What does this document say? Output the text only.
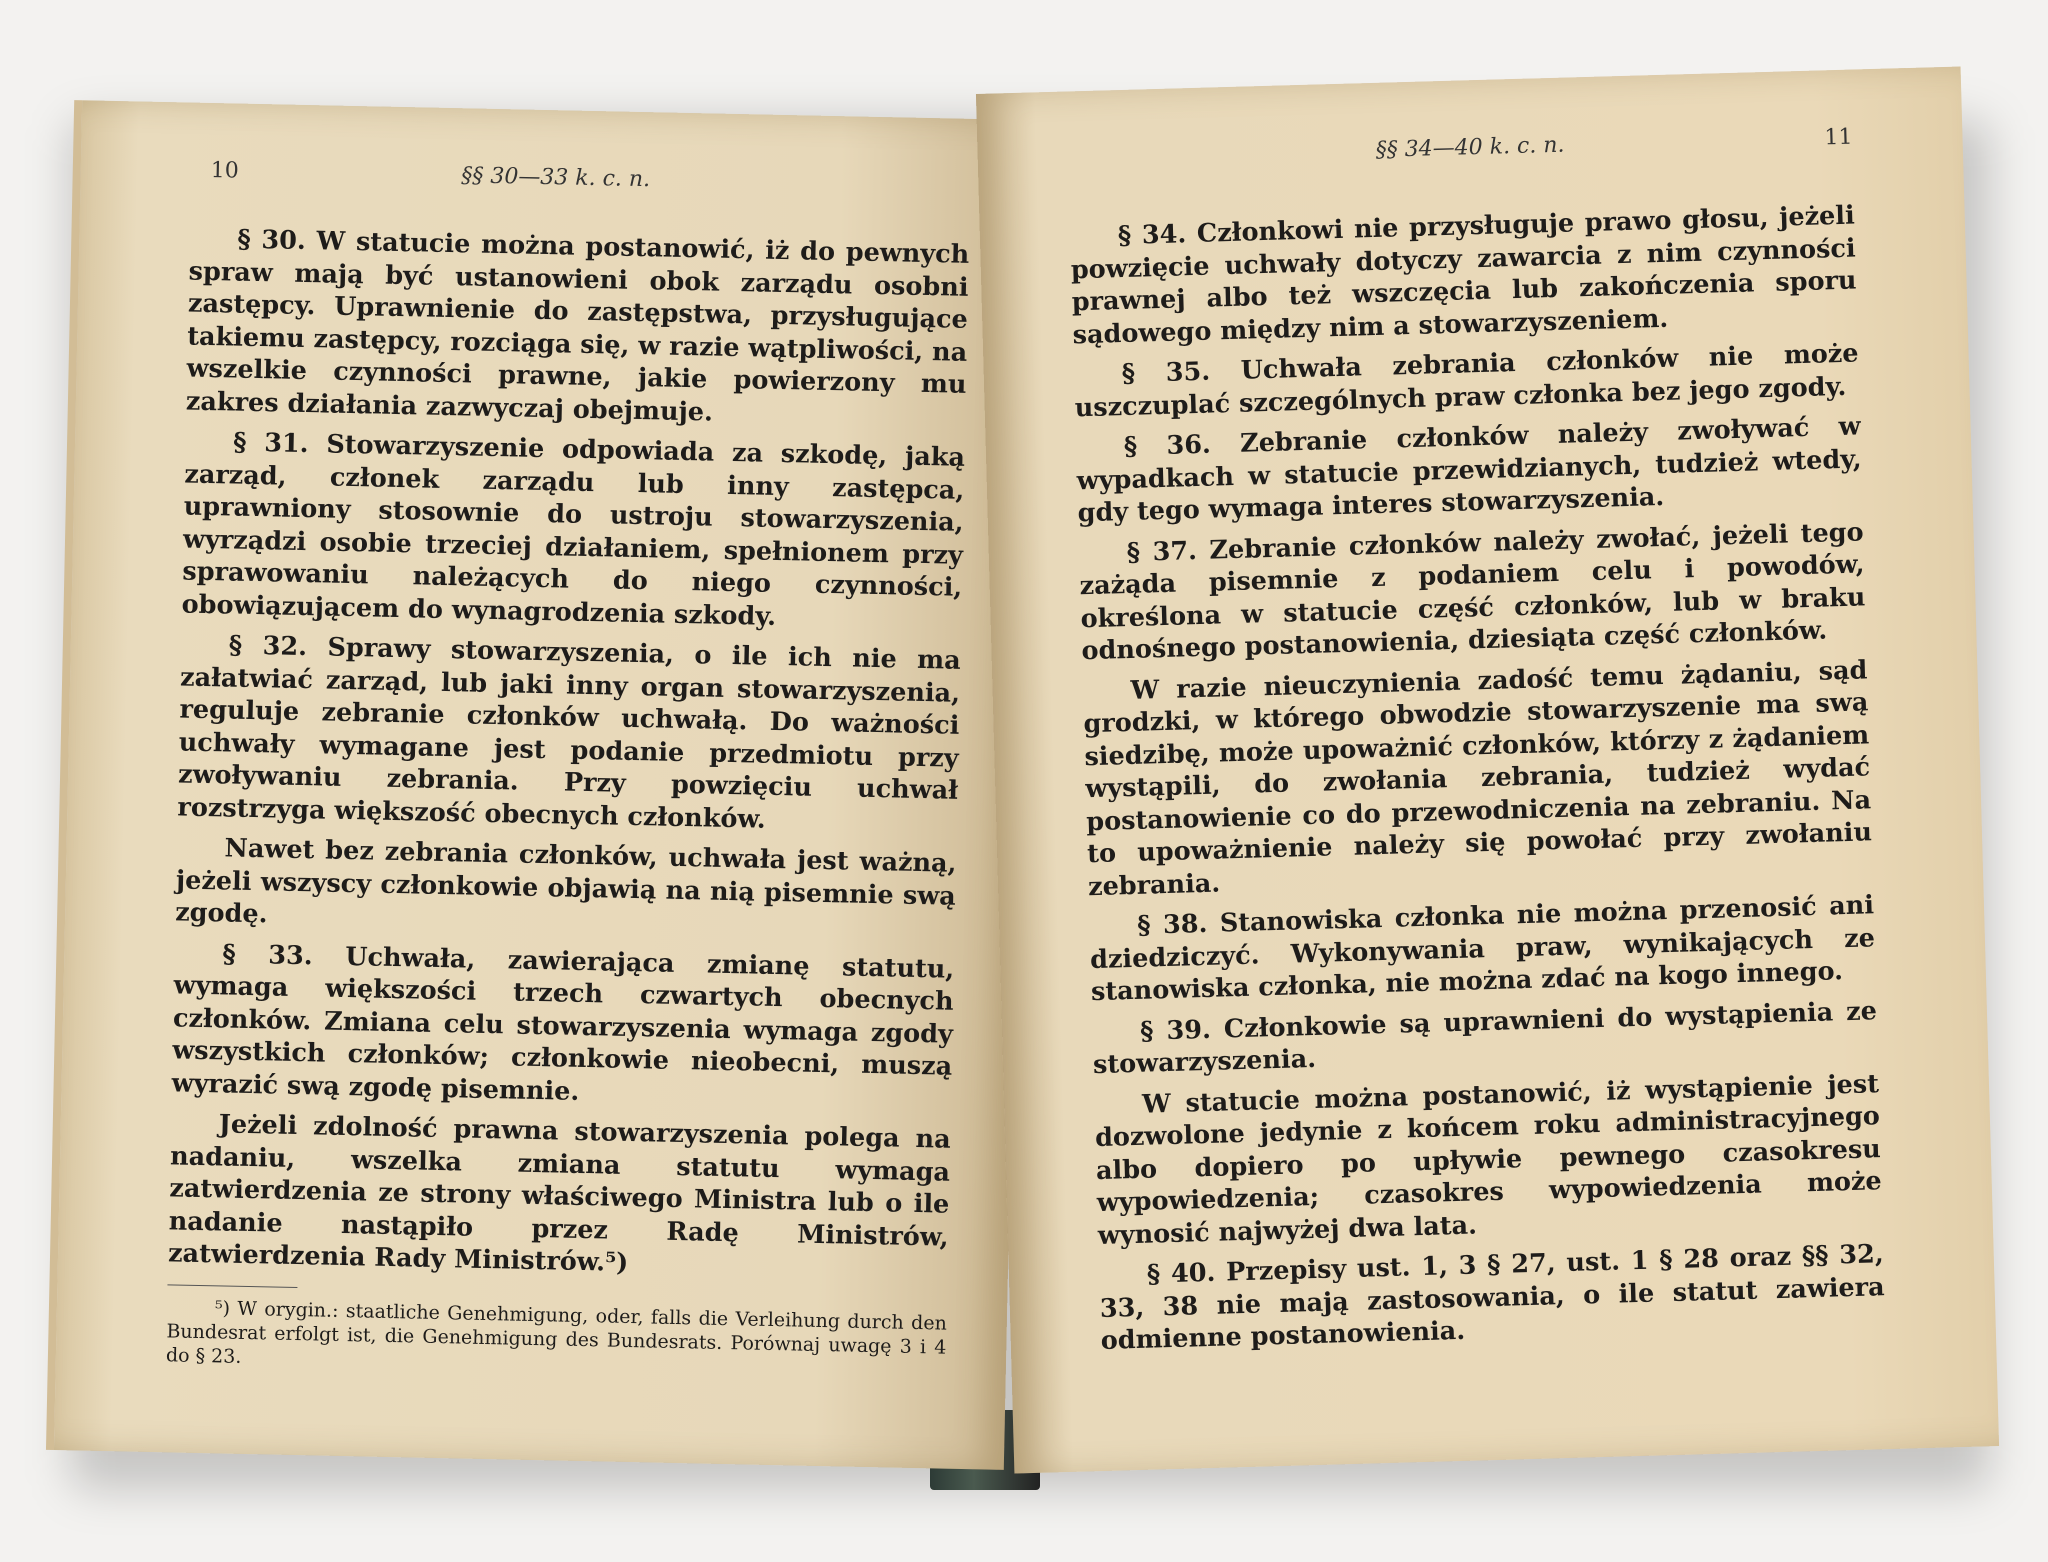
10	§§ 30—33 k. c. n.

§ 30. W statucie można postanowić, iż do pewnych spraw mają być ustanowieni obok zarządu osobni zastępcy. Uprawnienie do zastępstwa, przysługujące takiemu zastępcy, rozciąga się, w razie wątpliwości, na wszelkie czynności prawne, jakie powierzony mu zakres działania zazwyczaj obejmuje.

§ 31. Stowarzyszenie odpowiada za szkodę, jaką zarząd, członek zarządu lub inny zastępca, uprawniony stosownie do ustroju stowarzyszenia, wyrządzi osobie trzeciej działaniem, spełnionem przy sprawowaniu należących do niego czynności, obowiązującem do wynagrodzenia szkody.

§ 32. Sprawy stowarzyszenia, o ile ich nie ma załatwiać zarząd, lub jaki inny organ stowarzyszenia, reguluje zebranie członków uchwałą. Do ważności uchwały wymagane jest podanie przedmiotu przy zwoływaniu zebrania. Przy powzięciu uchwał rozstrzyga większość obecnych członków.

Nawet bez zebrania członków, uchwała jest ważną, jeżeli wszyscy członkowie objawią na nią pisemnie swą zgodę.

§ 33. Uchwała, zawierająca zmianę statutu, wymaga większości trzech czwartych obecnych członków. Zmiana celu stowarzyszenia wymaga zgody wszystkich członków; członkowie nieobecni, muszą wyrazić swą zgodę pisemnie.

Jeżeli zdolność prawna stowarzyszenia polega na nadaniu, wszelka zmiana statutu wymaga zatwierdzenia ze strony właściwego Ministra lub o ile nadanie nastąpiło przez Radę Ministrów, zatwierdzenia Rady Ministrów.⁵)

⁵) W orygin.: staatliche Genehmigung, oder, falls die Verleihung durch den Bundesrat erfolgt ist, die Genehmigung des Bundesrats. Porównaj uwagę 3 i 4 do § 23.

§§ 34—40 k. c. n.	11

§ 34. Członkowi nie przysługuje prawo głosu, jeżeli powzięcie uchwały dotyczy zawarcia z nim czynności prawnej albo też wszczęcia lub zakończenia sporu sądowego między nim a stowarzyszeniem.

§ 35. Uchwała zebrania członków nie może uszczuplać szczególnych praw członka bez jego zgody.

§ 36. Zebranie członków należy zwoływać w wypadkach w statucie przewidzianych, tudzież wtedy, gdy tego wymaga interes stowarzyszenia.

§ 37. Zebranie członków należy zwołać, jeżeli tego zażąda pisemnie z podaniem celu i powodów, określona w statucie część członków, lub w braku odnośnego postanowienia, dziesiąta część członków.

W razie nieuczynienia zadość temu żądaniu, sąd grodzki, w którego obwodzie stowarzyszenie ma swą siedzibę, może upoważnić członków, którzy z żądaniem wystąpili, do zwołania zebrania, tudzież wydać postanowienie co do przewodniczenia na zebraniu. Na to upoważnienie należy się powołać przy zwołaniu zebrania.

§ 38. Stanowiska członka nie można przenosić ani dziedziczyć. Wykonywania praw, wynikających ze stanowiska członka, nie można zdać na kogo innego.

§ 39. Członkowie są uprawnieni do wystąpienia ze stowarzyszenia.

W statucie można postanowić, iż wystąpienie jest dozwolone jedynie z końcem roku administracyjnego albo dopiero po upływie pewnego czasokresu wypowiedzenia; czasokres wypowiedzenia może wynosić najwyżej dwa lata.

§ 40. Przepisy ust. 1, 3 § 27, ust. 1 § 28 oraz §§ 32, 33, 38 nie mają zastosowania, o ile statut zawiera odmienne postanowienia.
